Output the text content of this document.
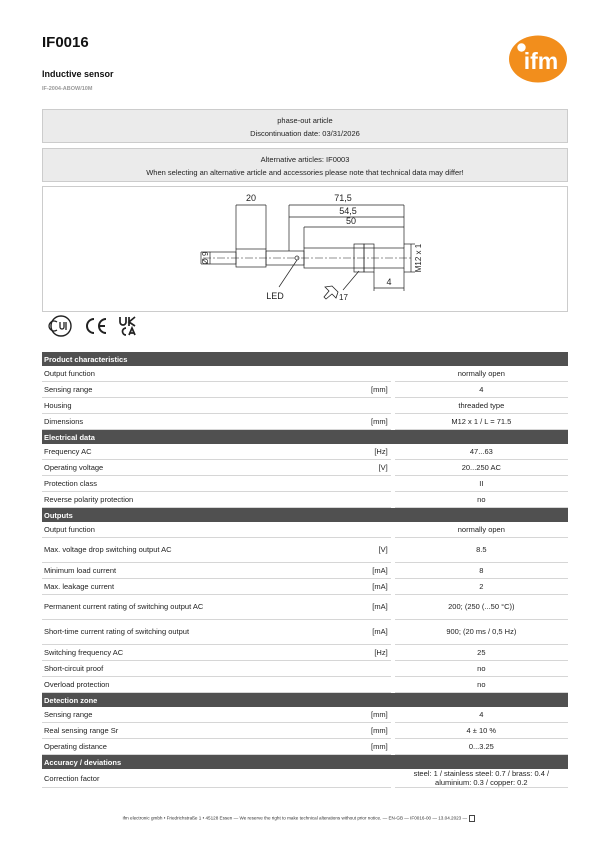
IF0016
Inductive sensor
IF-2004-ABOW/10M
ifm
phase-out article
Discontinuation date: 03/31/2026
Alternative articles: IF0003
When selecting an alternative article and accessories please note that technical data may differ!
20	71,5
54,5
50
4
17
LED
Ø 9	M12 x 1
Product characteristics		
Output function		normally open
Sensing range	[mm]	4
Housing		threaded type
Dimensions	[mm]	M12 x 1 / L = 71.5
Electrical data		
Frequency AC	[Hz]	47...63
Operating voltage	[V]	20...250 AC
Protection class		II
Reverse polarity protection		no
Outputs		
Output function		normally open
Max. voltage drop switching output AC	[V]	8.5
Minimum load current	[mA]	8
Max. leakage current	[mA]	2
Permanent current rating of switching output AC	[mA]	200; (250 (...50 °C))
Short-time current rating of switching output	[mA]	900; (20 ms / 0,5 Hz)
Switching frequency AC	[Hz]	25
Short-circuit proof		no
Overload protection		no
Detection zone		
Sensing range	[mm]	4
Real sensing range Sr	[mm]	4 ± 10 %
Operating distance	[mm]	0...3.25
Accuracy / deviations		
Correction factor		steel: 1 / stainless steel: 0.7 / brass: 0.4 / aluminium: 0.3 / copper: 0.2
ifm electronic gmbh • Friedrichstraße 1 • 45128 Essen — We reserve the right to make technical alterations without prior notice. — EN-GB — IF0016-00 — 13.04.2023 —
